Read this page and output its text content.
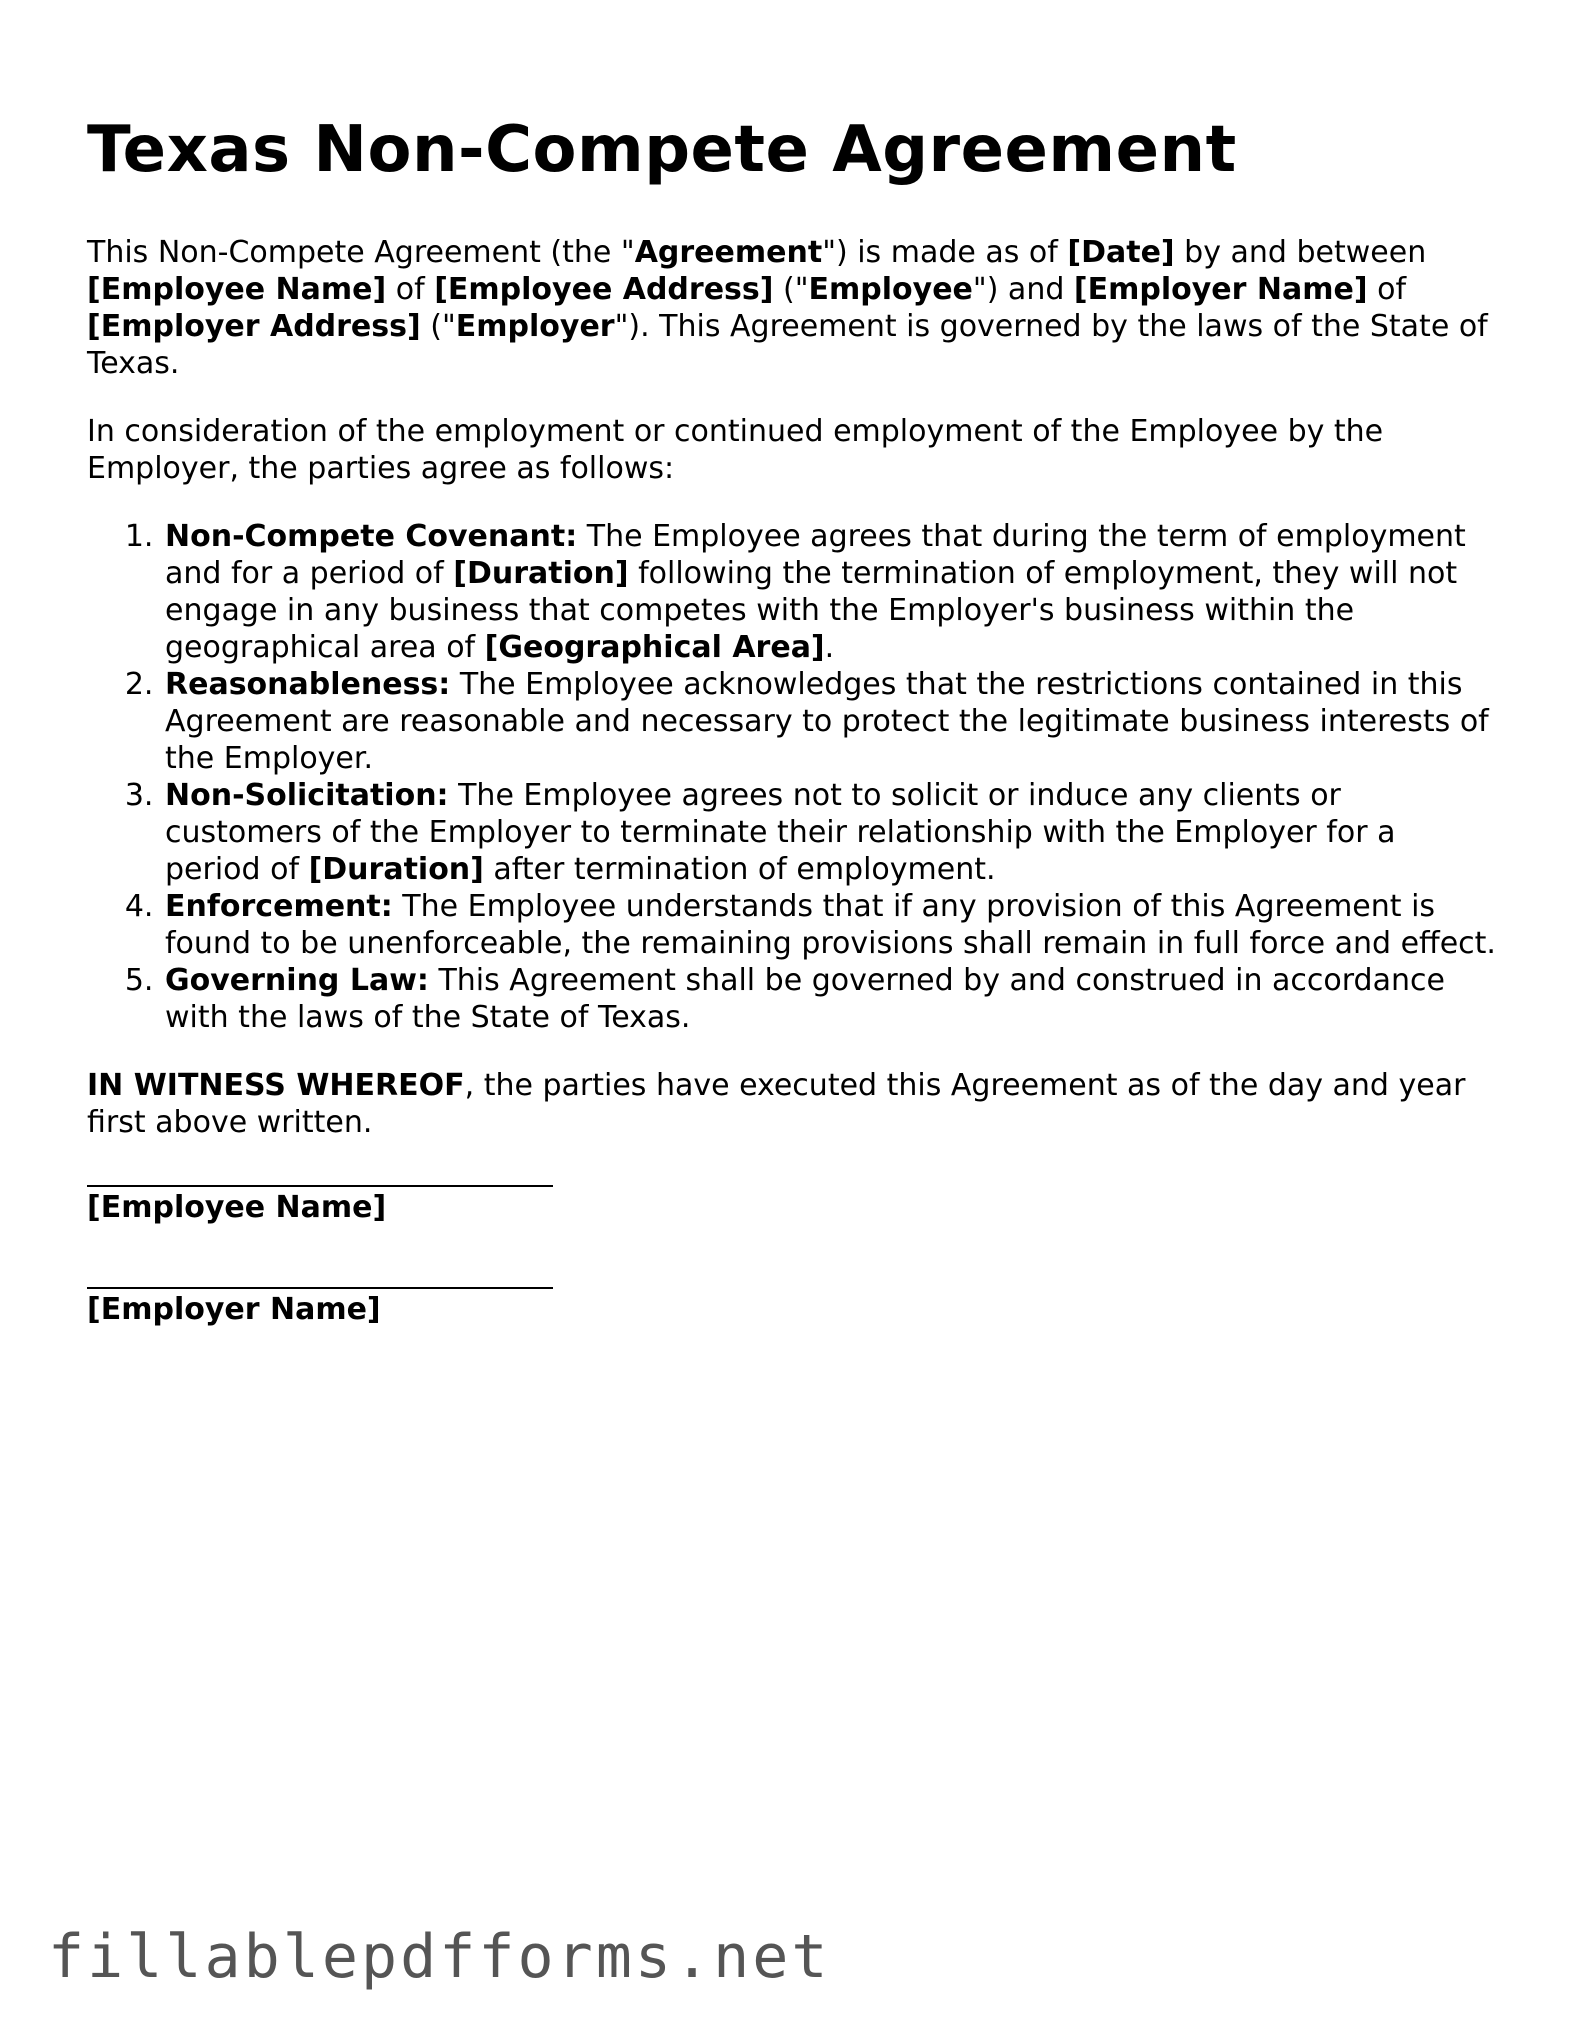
Texas Non-Compete Agreement

This Non-Compete Agreement (the "Agreement") is made as of [Date] by and between [Employee Name] of [Employee Address] ("Employee") and [Employer Name] of [Employer Address] ("Employer"). This Agreement is governed by the laws of the State of Texas.

In consideration of the employment or continued employment of the Employee by the Employer, the parties agree as follows:

1. Non-Compete Covenant: The Employee agrees that during the term of employment and for a period of [Duration] following the termination of employment, they will not engage in any business that competes with the Employer's business within the geographical area of [Geographical Area].
2. Reasonableness: The Employee acknowledges that the restrictions contained in this Agreement are reasonable and necessary to protect the legitimate business interests of the Employer.
3. Non-Solicitation: The Employee agrees not to solicit or induce any clients or customers of the Employer to terminate their relationship with the Employer for a period of [Duration] after termination of employment.
4. Enforcement: The Employee understands that if any provision of this Agreement is found to be unenforceable, the remaining provisions shall remain in full force and effect.
5. Governing Law: This Agreement shall be governed by and construed in accordance with the laws of the State of Texas.

IN WITNESS WHEREOF, the parties have executed this Agreement as of the day and year first above written.

[Employee Name]
[Employer Name]
fillablepdfforms.net
